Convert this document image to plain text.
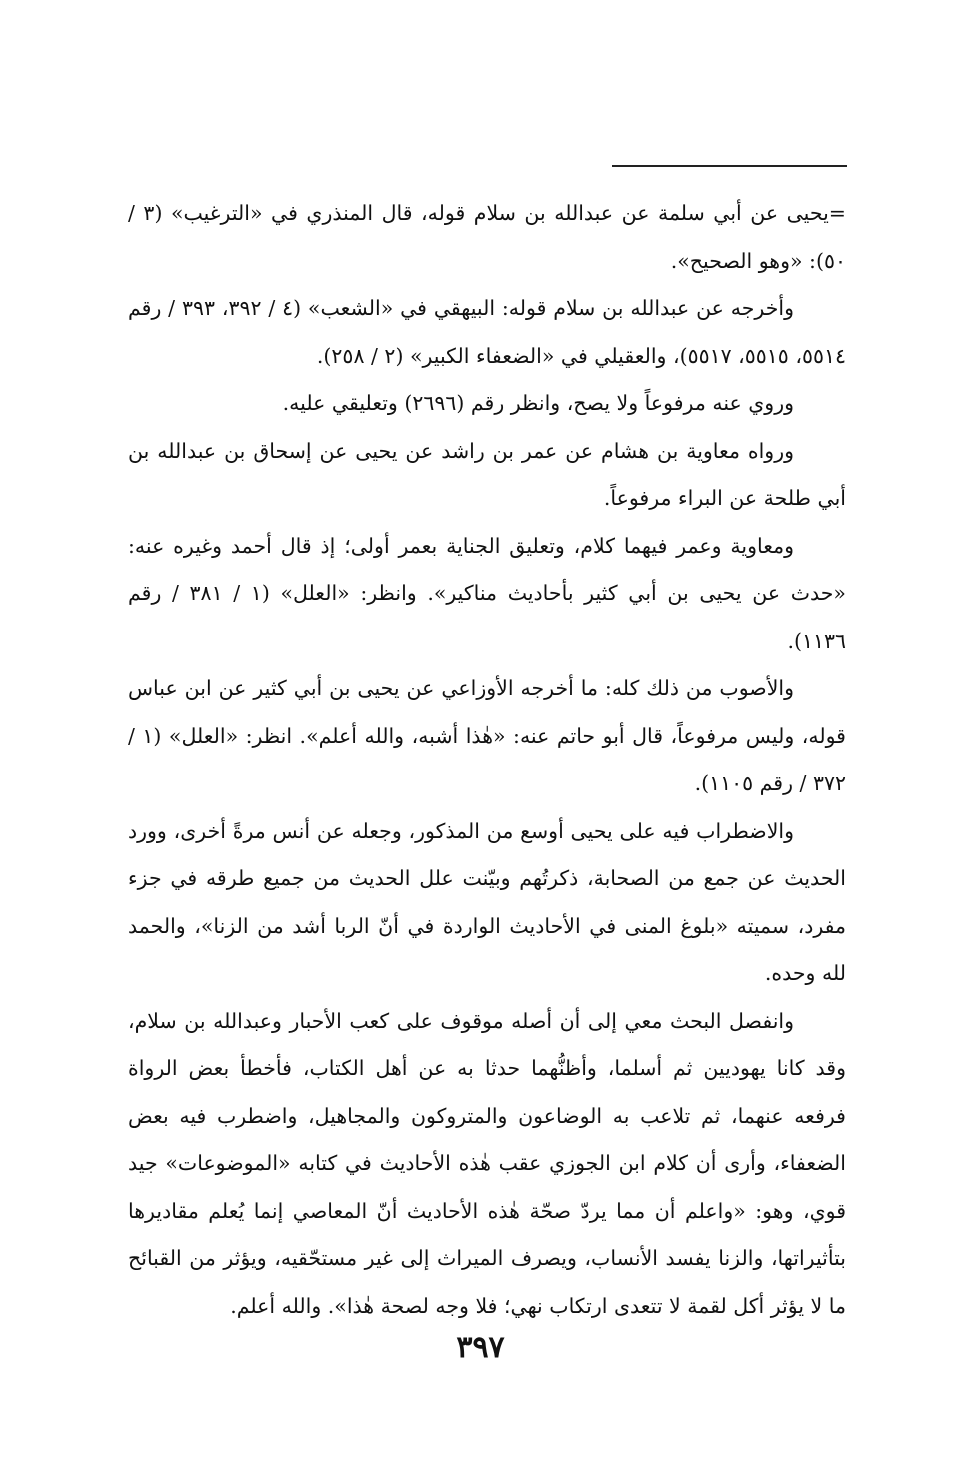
=يحيى عن أبي سلمة عن عبدالله بن سلام قوله، قال المنذري في «الترغيب» (٣ / ٥٠): «وهو الصحيح».

وأخرجه عن عبدالله بن سلام قوله: البيهقي في «الشعب» (٤ / ٣٩٢، ٣٩٣ / رقم ٥٥١٤، ٥٥١٥، ٥٥١٧)، والعقيلي في «الضعفاء الكبير» (٢ / ٢٥٨).

وروي عنه مرفوعاً ولا يصح، وانظر رقم (٢٦٩٦) وتعليقي عليه.

ورواه معاوية بن هشام عن عمر بن راشد عن يحيى عن إسحاق بن عبدالله بن أبي طلحة عن البراء مرفوعاً.

ومعاوية وعمر فيهما كلام، وتعليق الجناية بعمر أولى؛ إذ قال أحمد وغيره عنه: «حدث عن يحيى بن أبي كثير بأحاديث مناكير». وانظر: «العلل» (١ / ٣٨١ / رقم ١١٣٦).

والأصوب من ذلك كله: ما أخرجه الأوزاعي عن يحيى بن أبي كثير عن ابن عباس قوله، وليس مرفوعاً، قال أبو حاتم عنه: «هٰذا أشبه، والله أعلم». انظر: «العلل» (١ / ٣٧٢ / رقم ١١٠٥).

والاضطراب فيه على يحيى أوسع من المذكور، وجعله عن أنس مرةً أخرى، وورد الحديث عن جمع من الصحابة، ذكرتُهم وبيّنت علل الحديث من جميع طرقه في جزء مفرد، سميته «بلوغ المنى في الأحاديث الواردة في أنّ الربا أشد من الزنا»، والحمد لله وحده.

وانفصل البحث معي إلى أن أصله موقوف على كعب الأحبار وعبدالله بن سلام، وقد كانا يهوديين ثم أسلما، وأظنُّهما حدثا به عن أهل الكتاب، فأخطأ بعض الرواة فرفعه عنهما، ثم تلاعب به الوضاعون والمتروكون والمجاهيل، واضطرب فيه بعض الضعفاء، وأرى أن كلام ابن الجوزي عقب هٰذه الأحاديث في كتابه «الموضوعات» جيد قوي، وهو: «واعلم أن مما يردّ صحّة هٰذه الأحاديث أنّ المعاصي إنما يُعلم مقاديرها بتأثيراتها، والزنا يفسد الأنساب، ويصرف الميراث إلى غير مستحّقيه، ويؤثر من القبائح ما لا يؤثر أكل لقمة لا تتعدى ارتكاب نهي؛ فلا وجه لصحة هٰذا». والله أعلم.

٣٩٧
